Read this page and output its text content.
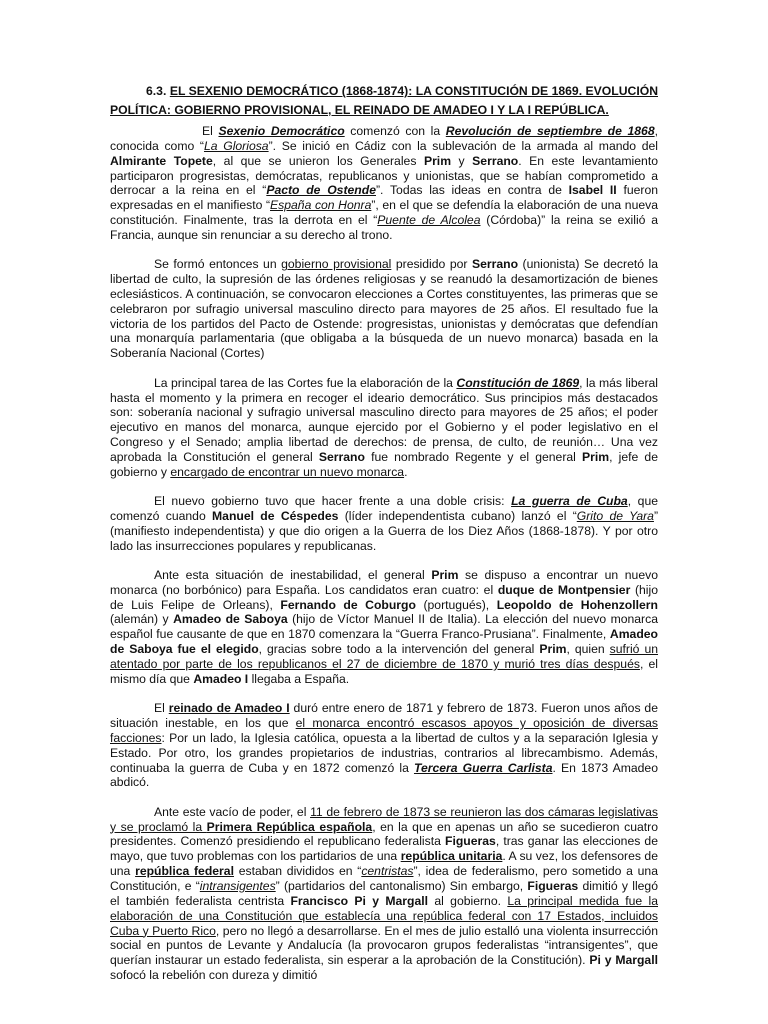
6.3. EL SEXENIO DEMOCRÁTICO (1868-1874): LA CONSTITUCIÓN DE 1869. EVOLUCIÓN POLÍTICA: GOBIERNO PROVISIONAL, EL REINADO DE AMADEO I Y LA I REPÚBLICA.

El Sexenio Democrático comenzó con la Revolución de septiembre de 1868, conocida como “La Gloriosa”. Se inició en Cádiz con la sublevación de la armada al mando del Almirante Topete, al que se unieron los Generales Prim y Serrano. En este levantamiento participaron progresistas, demócratas, republicanos y unionistas, que se habían comprometido a derrocar a la reina en el “Pacto de Ostende”. Todas las ideas en contra de Isabel II fueron expresadas en el manifiesto “España con Honra”, en el que se defendía la elaboración de una nueva constitución. Finalmente, tras la derrota en el “Puente de Alcolea (Córdoba)” la reina se exilió a Francia, aunque sin renunciar a su derecho al trono.

Se formó entonces un gobierno provisional presidido por Serrano (unionista) Se decretó la libertad de culto, la supresión de las órdenes religiosas y se reanudó la desamortización de bienes eclesiásticos. A continuación, se convocaron elecciones a Cortes constituyentes, las primeras que se celebraron por sufragio universal masculino directo para mayores de 25 años. El resultado fue la victoria de los partidos del Pacto de Ostende: progresistas, unionistas y demócratas que defendían una monarquía parlamentaria (que obligaba a la búsqueda de un nuevo monarca) basada en la Soberanía Nacional (Cortes)

La principal tarea de las Cortes fue la elaboración de la Constitución de 1869, la más liberal hasta el momento y la primera en recoger el ideario democrático. Sus principios más destacados son: soberanía nacional y sufragio universal masculino directo para mayores de 25 años; el poder ejecutivo en manos del monarca, aunque ejercido por el Gobierno y el poder legislativo en el Congreso y el Senado; amplia libertad de derechos: de prensa, de culto, de reunión… Una vez aprobada la Constitución el general Serrano fue nombrado Regente y el general Prim, jefe de gobierno y encargado de encontrar un nuevo monarca.

El nuevo gobierno tuvo que hacer frente a una doble crisis: La guerra de Cuba, que comenzó cuando Manuel de Céspedes (líder independentista cubano) lanzó el “Grito de Yara” (manifiesto independentista) y que dio origen a la Guerra de los Diez Años (1868-1878). Y por otro lado las insurrecciones populares y republicanas.

Ante esta situación de inestabilidad, el general Prim se dispuso a encontrar un nuevo monarca (no borbónico) para España. Los candidatos eran cuatro: el duque de Montpensier (hijo de Luis Felipe de Orleans), Fernando de Coburgo (portugués), Leopoldo de Hohenzollern (alemán) y Amadeo de Saboya (hijo de Víctor Manuel II de Italia). La elección del nuevo monarca español fue causante de que en 1870 comenzara la “Guerra Franco-Prusiana”. Finalmente, Amadeo de Saboya fue el elegido, gracias sobre todo a la intervención del general Prim, quien sufrió un atentado por parte de los republicanos el 27 de diciembre de 1870 y murió tres días después, el mismo día que Amadeo I llegaba a España.

El reinado de Amadeo I duró entre enero de 1871 y febrero de 1873. Fueron unos años de situación inestable, en los que el monarca encontró escasos apoyos y oposición de diversas facciones: Por un lado, la Iglesia católica, opuesta a la libertad de cultos y a la separación Iglesia y Estado. Por otro, los grandes propietarios de industrias, contrarios al librecambismo. Además, continuaba la guerra de Cuba y en 1872 comenzó la Tercera Guerra Carlista. En 1873 Amadeo abdicó.

Ante este vacío de poder, el 11 de febrero de 1873 se reunieron las dos cámaras legislativas y se proclamó la Primera República española, en la que en apenas un año se sucedieron cuatro presidentes. Comenzó presidiendo el republicano federalista Figueras, tras ganar las elecciones de mayo, que tuvo problemas con los partidarios de una república unitaria. A su vez, los defensores de una república federal estaban divididos en “centristas”, idea de federalismo, pero sometido a una Constitución, e “intransigentes” (partidarios del cantonalismo) Sin embargo, Figueras dimitió y llegó el también federalista centrista Francisco Pi y Margall al gobierno. La principal medida fue la elaboración de una Constitución que establecía una república federal con 17 Estados, incluidos Cuba y Puerto Rico, pero no llegó a desarrollarse. En el mes de julio estalló una violenta insurrección social en puntos de Levante y Andalucía (la provocaron grupos federalistas “intransigentes”, que querían instaurar un estado federalista, sin esperar a la aprobación de la Constitución). Pi y Margall sofocó la rebelión con dureza y dimitió
